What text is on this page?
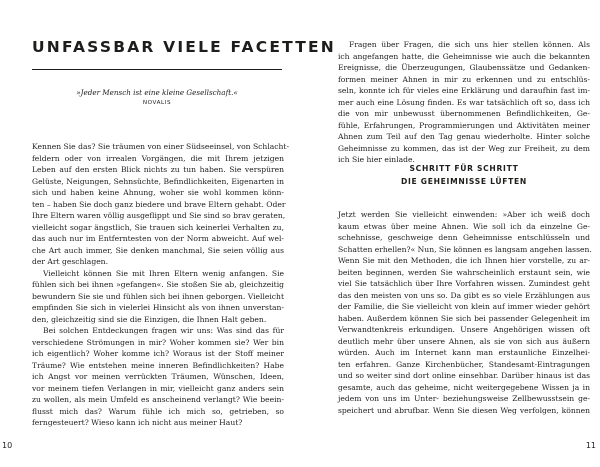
UNFASSBAR VIELE FACETTEN
»Jeder Mensch ist eine kleine Gesellschaft.«
NOVALIS
Kennen Sie das? Sie träumen von einer Südseeinsel, von Schlacht-
feldern oder von irrealen Vorgängen, die mit Ihrem jetzigen
Leben auf den ersten Blick nichts zu tun haben. Sie verspüren
Gelüste, Neigungen, Sehnsüchte, Befindlichkeiten, Eigenarten in
sich und haben keine Ahnung, woher sie wohl kommen könn-
ten – haben Sie doch ganz biedere und brave Eltern gehabt. Oder
Ihre Eltern waren völlig ausgeflippt und Sie sind so brav geraten,
vielleicht sogar ängstlich, Sie trauen sich keinerlei Verhalten zu,
das auch nur im Entferntesten von der Norm abweicht. Auf wel-
che Art auch immer, Sie denken manchmal, Sie seien völlig aus
der Art geschlagen.
Vielleicht können Sie mit Ihren Eltern wenig anfangen. Sie
fühlen sich bei ihnen »gefangen«. Sie stoßen Sie ab, gleichzeitig
bewundern Sie sie und fühlen sich bei ihnen geborgen. Vielleicht
empfinden Sie sich in vielerlei Hinsicht als von ihnen unverstan-
den, gleichzeitig sind sie die Einzigen, die Ihnen Halt geben.
Bei solchen Entdeckungen fragen wir uns: Was sind das für
verschiedene Strömungen in mir? Woher kommen sie? Wer bin
ich eigentlich? Woher komme ich? Woraus ist der Stoff meiner
Träume? Wie entstehen meine inneren Befindlichkeiten? Habe
ich Angst vor meinen verrückten Träumen, Wünschen, Ideen,
vor meinem tiefen Verlangen in mir, vielleicht ganz anders sein
zu wollen, als mein Umfeld es anscheinend verlangt? Wie beein-
flusst mich das? Warum fühle ich mich so, getrieben, so
ferngesteuert? Wieso kann ich nicht aus meiner Haut?
10
Fragen über Fragen, die sich uns hier stellen können. Als
ich angefangen hatte, die Geheimnisse wie auch die bekannten
Ereignisse, die Überzeugungen, Glaubenssätze und Gedanken-
formen meiner Ahnen in mir zu erkennen und zu entschlüs-
seln, konnte ich für vieles eine Erklärung und daraufhin fast im-
mer auch eine Lösung finden. Es war tatsächlich oft so, dass ich
die von mir unbewusst übernommenen Befindlichkeiten, Ge-
fühle, Erfahrungen, Programmierungen und Aktivitäten meiner
Ahnen zum Teil auf den Tag genau wiederholte. Hinter solche
Geheimnisse zu kommen, das ist der Weg zur Freiheit, zu dem
ich Sie hier einlade.
SCHRITT FÜR SCHRITT
DIE GEHEIMNISSE LÜFTEN
Jetzt werden Sie vielleicht einwenden: »Aber ich weiß doch
kaum etwas über meine Ahnen. Wie soll ich da einzelne Ge-
schehnisse, geschweige denn Geheimnisse entschlüsseln und
Schatten erhellen?« Nun, Sie können es langsam angehen lassen.
Wenn Sie mit den Methoden, die ich Ihnen hier vorstelle, zu ar-
beiten beginnen, werden Sie wahrscheinlich erstaunt sein, wie
viel Sie tatsächlich über Ihre Vorfahren wissen. Zumindest geht
das den meisten von uns so. Da gibt es so viele Erzählungen aus
der Familie, die Sie vielleicht von klein auf immer wieder gehört
haben. Außerdem können Sie sich bei passender Gelegenheit im
Verwandtenkreis erkundigen. Unsere Angehörigen wissen oft
deutlich mehr über unsere Ahnen, als sie von sich aus äußern
würden. Auch im Internet kann man erstaunliche Einzelhei-
ten erfahren. Ganze Kirchenbücher, Standesamt-Eintragungen
und so weiter sind dort online einsehbar. Darüber hinaus ist das
gesamte, auch das geheime, nicht weitergegebene Wissen ja in
jedem von uns im Unter- beziehungsweise Zellbewusstsein ge-
speichert und abrufbar. Wenn Sie diesen Weg verfolgen, können
11
